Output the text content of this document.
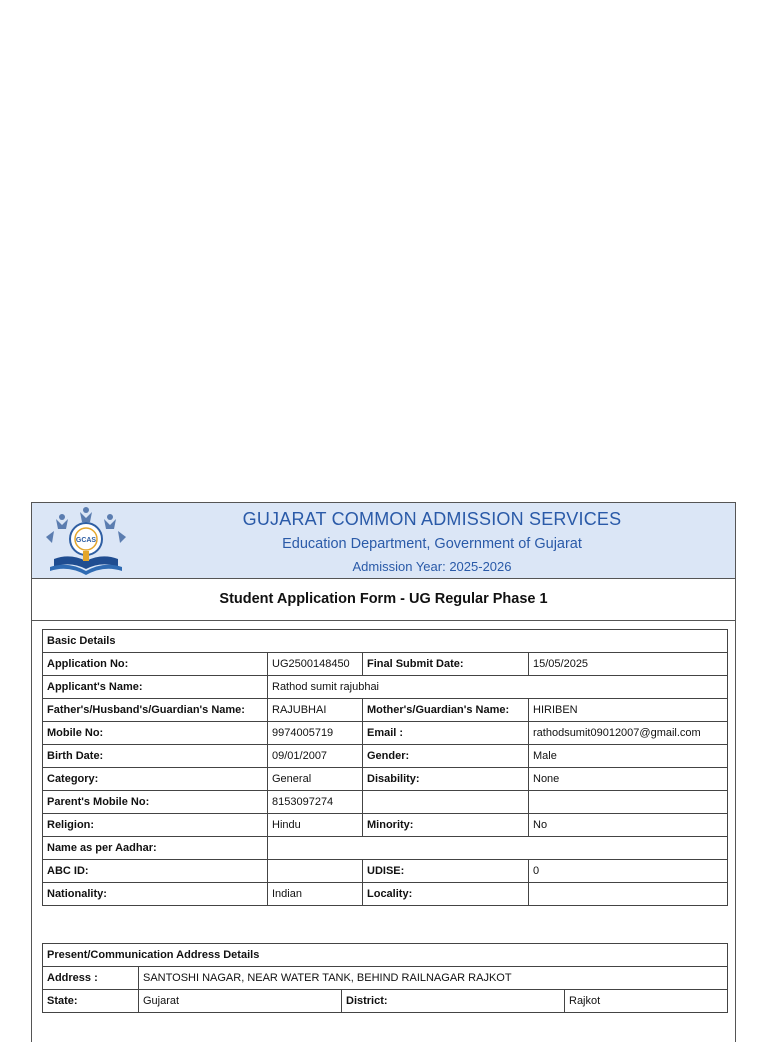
GCAS
GUJARAT COMMON ADMISSION SERVICES
Education Department, Government of Gujarat
Admission Year: 2025-2026
Student Application Form - UG Regular Phase 1
Basic Details			
Application No:	UG2500148450	Final Submit Date:	15/05/2025
Applicant's Name:	Rathod sumit rajubhai		
Father's/Husband's/Guardian's Name:	RAJUBHAI	Mother's/Guardian's Name:	HIRIBEN
Mobile No:	9974005719	Email :	rathodsumit09012007@gmail.com
Birth Date:	09/01/2007	Gender:	Male
Category:	General	Disability:	None
Parent's Mobile No:	8153097274		
Religion:	Hindu	Minority:	No
Name as per Aadhar:			
ABC ID:		UDISE:	0
Nationality:	Indian	Locality:	
Present/Communication Address Details			
Address :	SANTOSHI NAGAR, NEAR WATER TANK, BEHIND RAILNAGAR RAJKOT		
State:	Gujarat	District:	Rajkot
